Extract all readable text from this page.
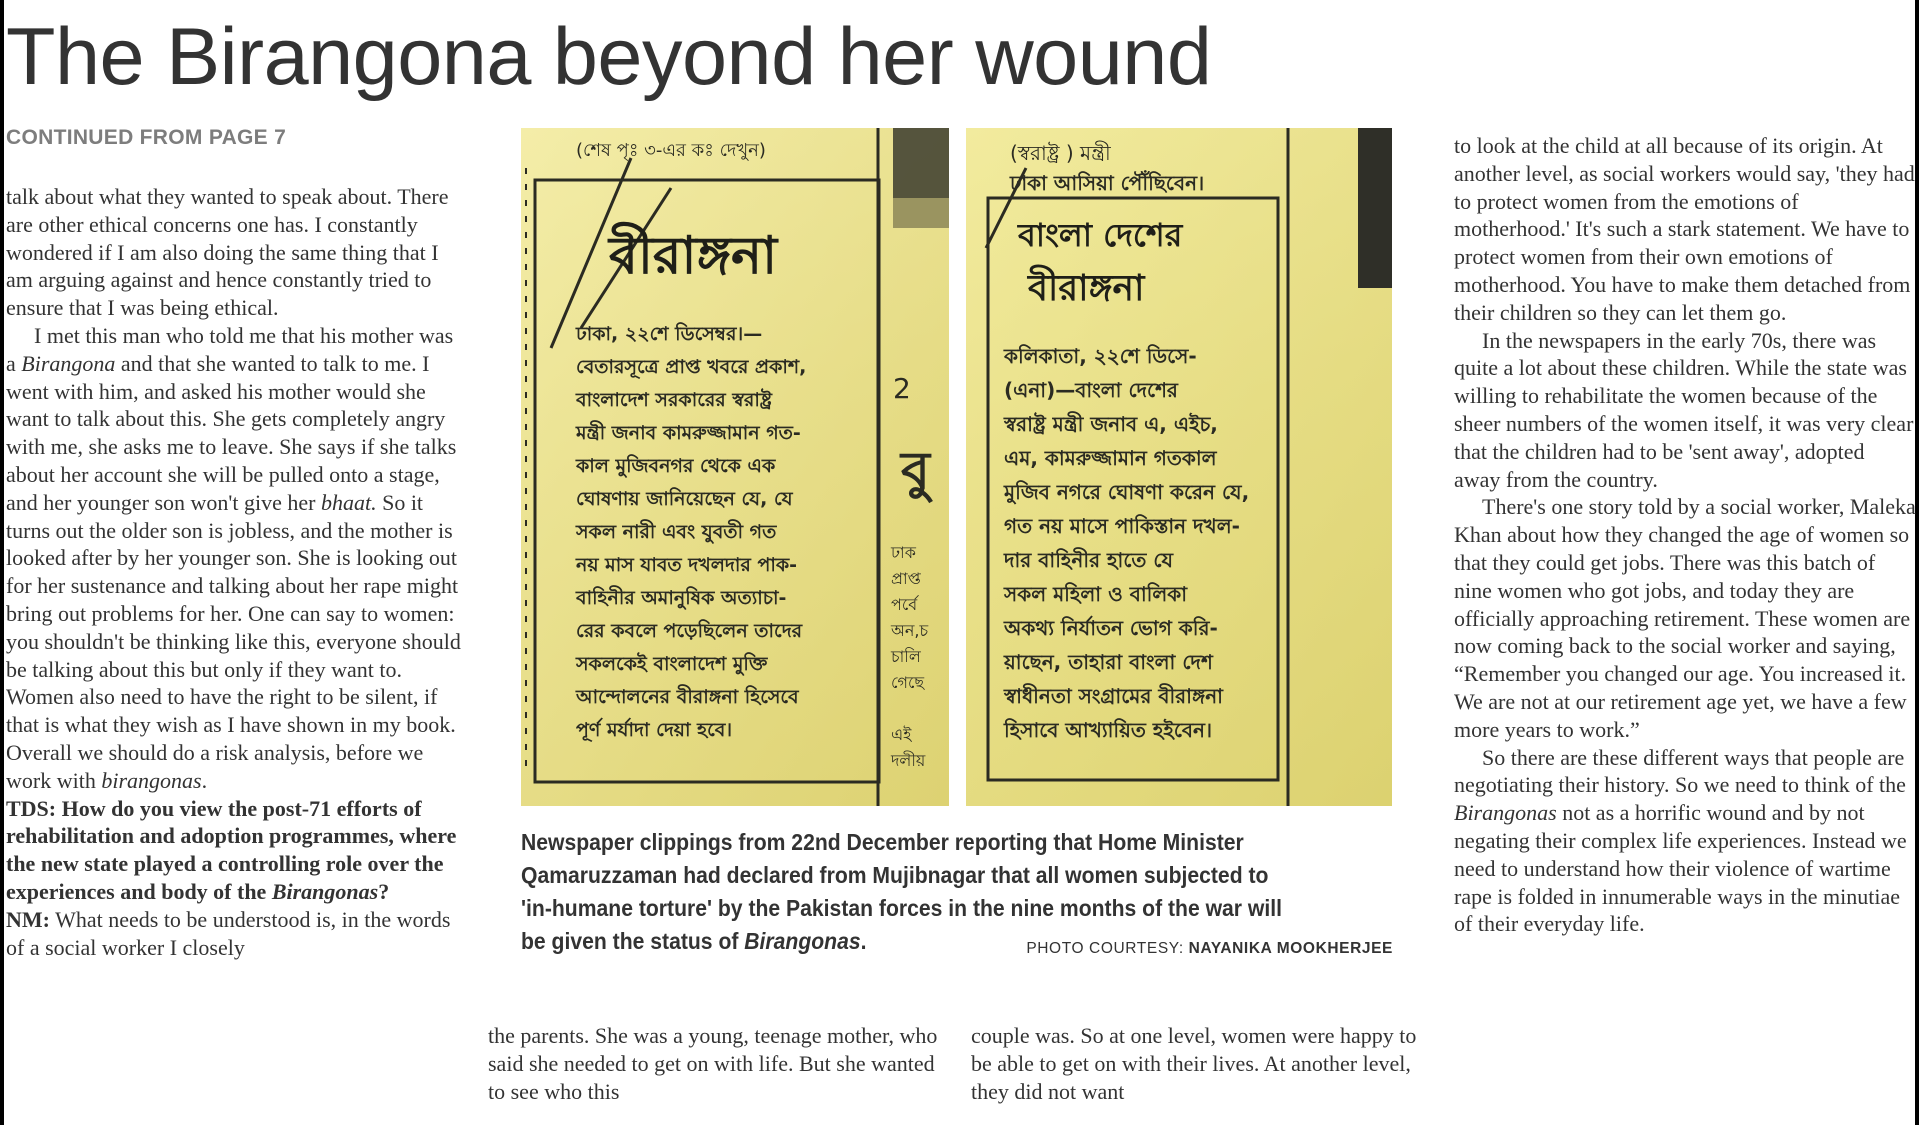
The Birangona beyond her wound
CONTINUED FROM PAGE 7

talk about what they wanted to speak about. There are other ethical concerns one has. I constantly wondered if I am also doing the same thing that I am arguing against and hence constantly tried to ensure that I was being ethical.

I met this man who told me that his mother was a Birangona and that she wanted to talk to me. I went with him, and asked his mother would she want to talk about this. She gets completely angry with me, she asks me to leave. She says if she talks about her account she will be pulled onto a stage, and her younger son won't give her bhaat. So it turns out the older son is jobless, and the mother is looked after by her younger son. She is looking out for her sustenance and talking about her rape might bring out problems for her. One can say to women: you shouldn't be thinking like this, everyone should be talking about this but only if they want to. Women also need to have the right to be silent, if that is what they wish as I have shown in my book. Overall we should do a risk analysis, before we work with birangonas.

TDS: How do you view the post-71 efforts of rehabilitation and adoption programmes, where the new state played a controlling role over the experiences and body of the Birangonas?

NM: What needs to be understood is, in the words of a social worker I closely

বু
2
ঢাক
প্রাপ্ত
পর্বে
অন,চ
চালি
গেছে
এই
দলীয়
(শেষ পৃঃ ৩-এর কঃ দেখুন)
বীরাঙ্গনা
ঢাকা, ২২শে ডিসেম্বর।—
বেতারসূত্রে প্রাপ্ত খবরে প্রকাশ,
বাংলাদেশ সরকারের স্বরাষ্ট্র
মন্ত্রী জনাব কামরুজ্জামান গত-
কাল মুজিবনগর থেকে এক
ঘোষণায় জানিয়েছেন যে, যে
সকল নারী এবং যুবতী গত
নয় মাস যাবত দখলদার পাক-
বাহিনীর অমানুষিক অত্যাচা-
রের কবলে পড়েছিলেন তাদের
সকলকেই বাংলাদেশ মুক্তি
আন্দোলনের বীরাঙ্গনা হিসেবে
পূর্ণ মর্যাদা দেয়া হবে।
(স্বরাষ্ট্র ) মন্ত্রী
ঢাকা আসিয়া পৌঁছিবেন।
বাংলা দেশের
বীরাঙ্গনা
কলিকাতা, ২২শে ডিসে-
(এনা)—বাংলা দেশের
স্বরাষ্ট্র মন্ত্রী জনাব এ, এইচ,
এম, কামরুজ্জামান গতকাল
মুজিব নগরে ঘোষণা করেন যে,
গত নয় মাসে পাকিস্তান দখল-
দার বাহিনীর হাতে যে
সকল মহিলা ও বালিকা
অকথ্য নির্যাতন ভোগ করি-
য়াছেন, তাহারা বাংলা দেশ
স্বাধীনতা সংগ্রামের বীরাঙ্গনা
হিসাবে আখ্যায়িত হইবেন।
Newspaper clippings from 22nd December reporting that Home Minister Qamaruzzaman had declared from Mujibnagar that all women subjected to 'in-humane torture' by the Pakistan forces in the nine months of the war will be given the status of Birangonas.	PHOTO COURTESY: NAYANIKA MOOKHERJEE

the parents. She was a young, teenage mother, who said she needed to get on with life. But she wanted to see who this

couple was. So at one level, women were happy to be able to get on with their lives. At another level, they did not want

to look at the child at all because of its origin. At another level, as social workers would say, 'they had to protect women from the emotions of motherhood.' It's such a stark statement. We have to protect women from their own emotions of motherhood. You have to make them detached from their children so they can let them go.

In the newspapers in the early 70s, there was quite a lot about these children. While the state was willing to rehabilitate the women because of the sheer numbers of the women itself, it was very clear that the children had to be 'sent away', adopted away from the country.

There's one story told by a social worker, Maleka Khan about how they changed the age of women so that they could get jobs. There was this batch of nine women who got jobs, and today they are officially approaching retirement. These women are now coming back to the social worker and saying, “Remember you changed our age. You increased it. We are not at our retirement age yet, we have a few more years to work.”

So there are these different ways that people are negotiating their history. So we need to think of the Birangonas not as a horrific wound and by not negating their complex life experiences. Instead we need to understand how their violence of wartime rape is folded in innumerable ways in the minutiae of their everyday life.
